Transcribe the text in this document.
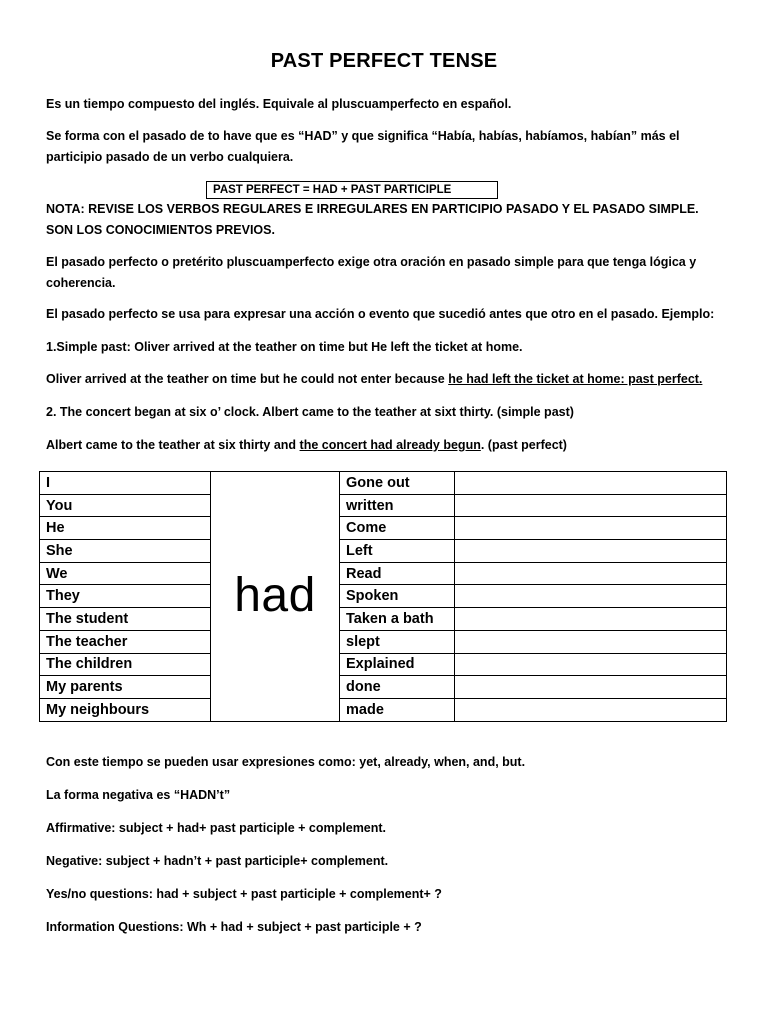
PAST PERFECT TENSE
Es un tiempo compuesto del inglés. Equivale al pluscuamperfecto en español.
Se forma con el pasado de to have que es “HAD” y que significa “Había, habías, habíamos, habían” más el participio pasado de un verbo cualquiera.
PAST PERFECT = HAD + PAST PARTICIPLE
NOTA: REVISE LOS VERBOS REGULARES E IRREGULARES EN PARTICIPIO PASADO Y EL PASADO SIMPLE. SON LOS CONOCIMIENTOS PREVIOS.
El pasado perfecto o pretérito pluscuamperfecto exige otra oración en pasado simple para que tenga lógica y coherencia.
El pasado perfecto se usa para expresar una acción o evento que sucedió antes que otro en el pasado. Ejemplo:
1.Simple past: Oliver arrived at the teather on time but He left the ticket at home.
Oliver arrived at the teather on time but he could not enter because he had left the ticket at home: past perfect.
2. The concert began at six o’ clock. Albert came to the teather at sixt thirty. (simple past)
Albert came to the teather at six thirty and the concert had already begun. (past perfect)
I	had	Gone out	
You		written	
He		Come	
She		Left	
We		Read	
They		Spoken	
The student		Taken a bath	
The teacher		slept	
The children		Explained	
My parents		done	
My neighbours		made	
Con este tiempo se pueden usar expresiones como: yet, already, when, and, but.
La forma negativa es “HADN’t”
Affirmative: subject + had+ past participle + complement.
Negative: subject + hadn’t + past participle+ complement.
Yes/no questions: had + subject + past participle + complement+ ?
Information Questions: Wh + had + subject + past participle + ?
